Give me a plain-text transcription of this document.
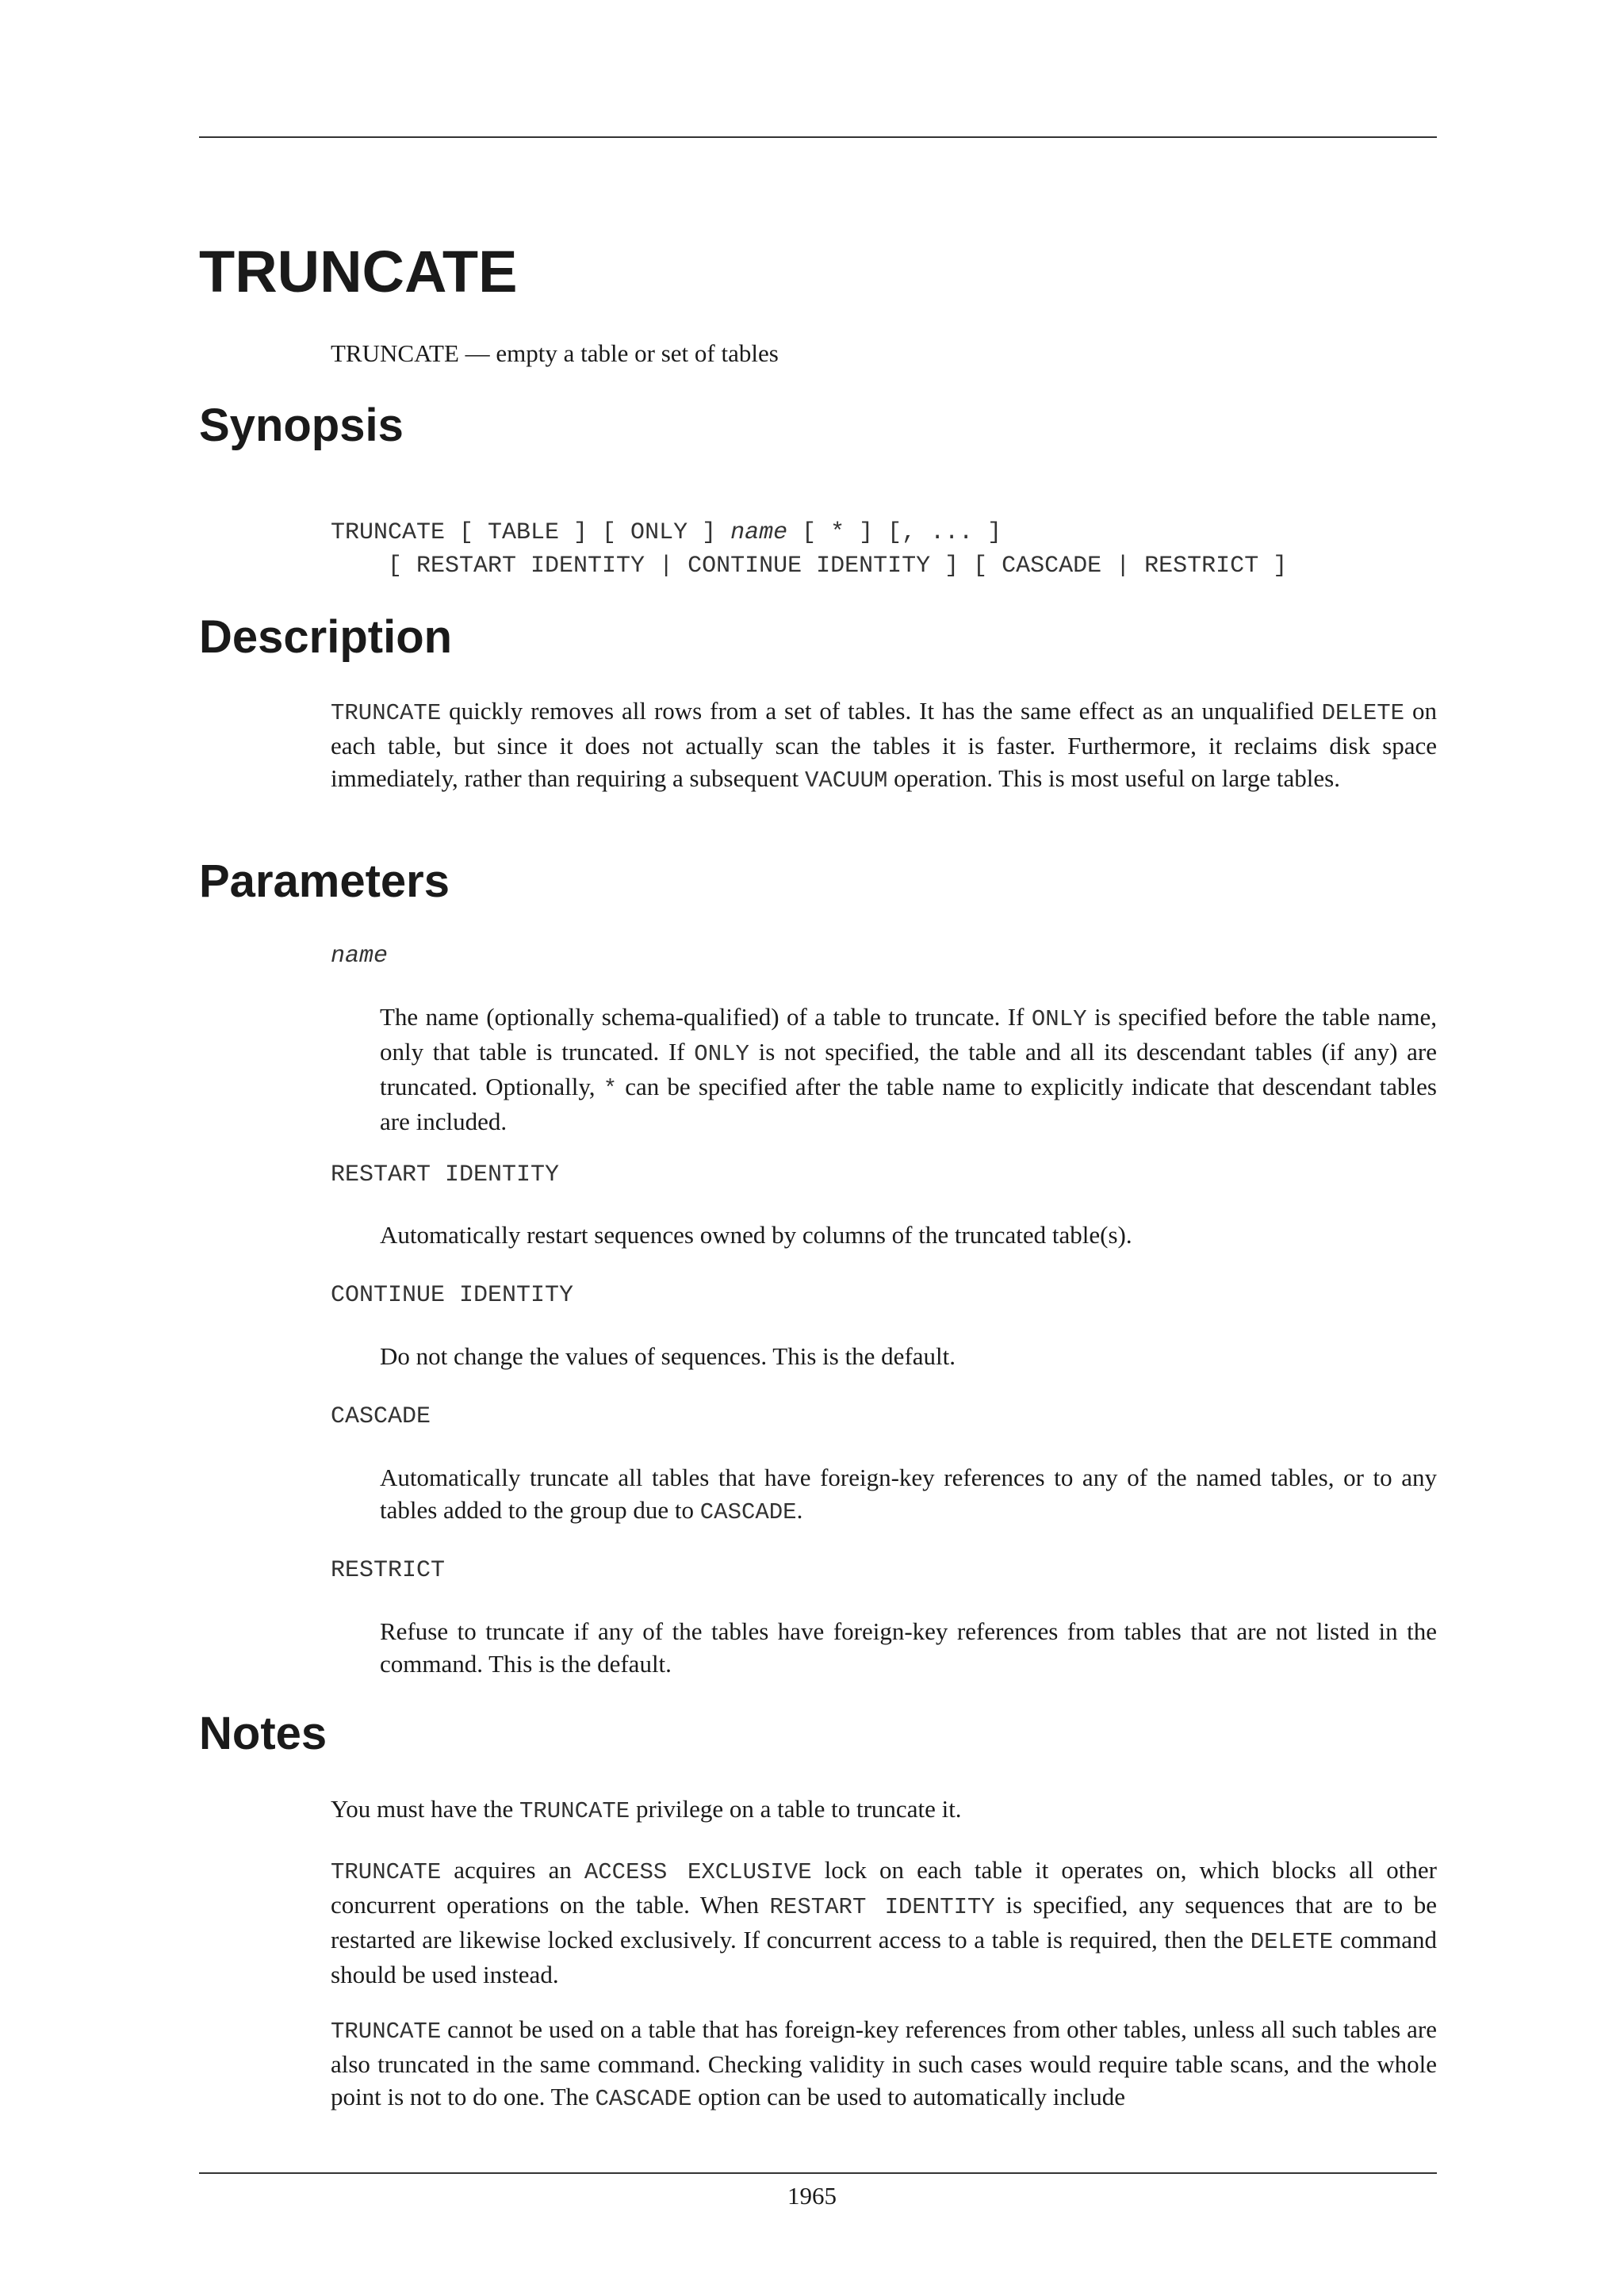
TRUNCATE

TRUNCATE — empty a table or set of tables

Synopsis
TRUNCATE [ TABLE ] [ ONLY ] name [ * ] [, ... ]
[ RESTART IDENTITY | CONTINUE IDENTITY ] [ CASCADE | RESTRICT ]
Description

TRUNCATE quickly removes all rows from a set of tables. It has the same effect as an unqualified DELETE on each table, but since it does not actually scan the tables it is faster. Furthermore, it reclaims disk space immediately, rather than requiring a subsequent VACUUM operation. This is most useful on large tables.

Parameters
name

The name (optionally schema-qualified) of a table to truncate. If ONLY is specified before the table name, only that table is truncated. If ONLY is not specified, the table and all its descendant tables (if any) are truncated. Optionally, * can be specified after the table name to explicitly indicate that descendant tables are included.

RESTART IDENTITY

Automatically restart sequences owned by columns of the truncated table(s).

CONTINUE IDENTITY

Do not change the values of sequences. This is the default.

CASCADE

Automatically truncate all tables that have foreign-key references to any of the named tables, or to any tables added to the group due to CASCADE.

RESTRICT

Refuse to truncate if any of the tables have foreign-key references from tables that are not listed in the command. This is the default.

Notes

You must have the TRUNCATE privilege on a table to truncate it.

TRUNCATE acquires an ACCESS EXCLUSIVE lock on each table it operates on, which blocks all other concurrent operations on the table. When RESTART IDENTITY is specified, any sequences that are to be restarted are likewise locked exclusively. If concurrent access to a table is required, then the DELETE command should be used instead.

TRUNCATE cannot be used on a table that has foreign-key references from other tables, unless all such tables are also truncated in the same command. Checking validity in such cases would require table scans, and the whole point is not to do one. The CASCADE option can be used to automatically include

1965
